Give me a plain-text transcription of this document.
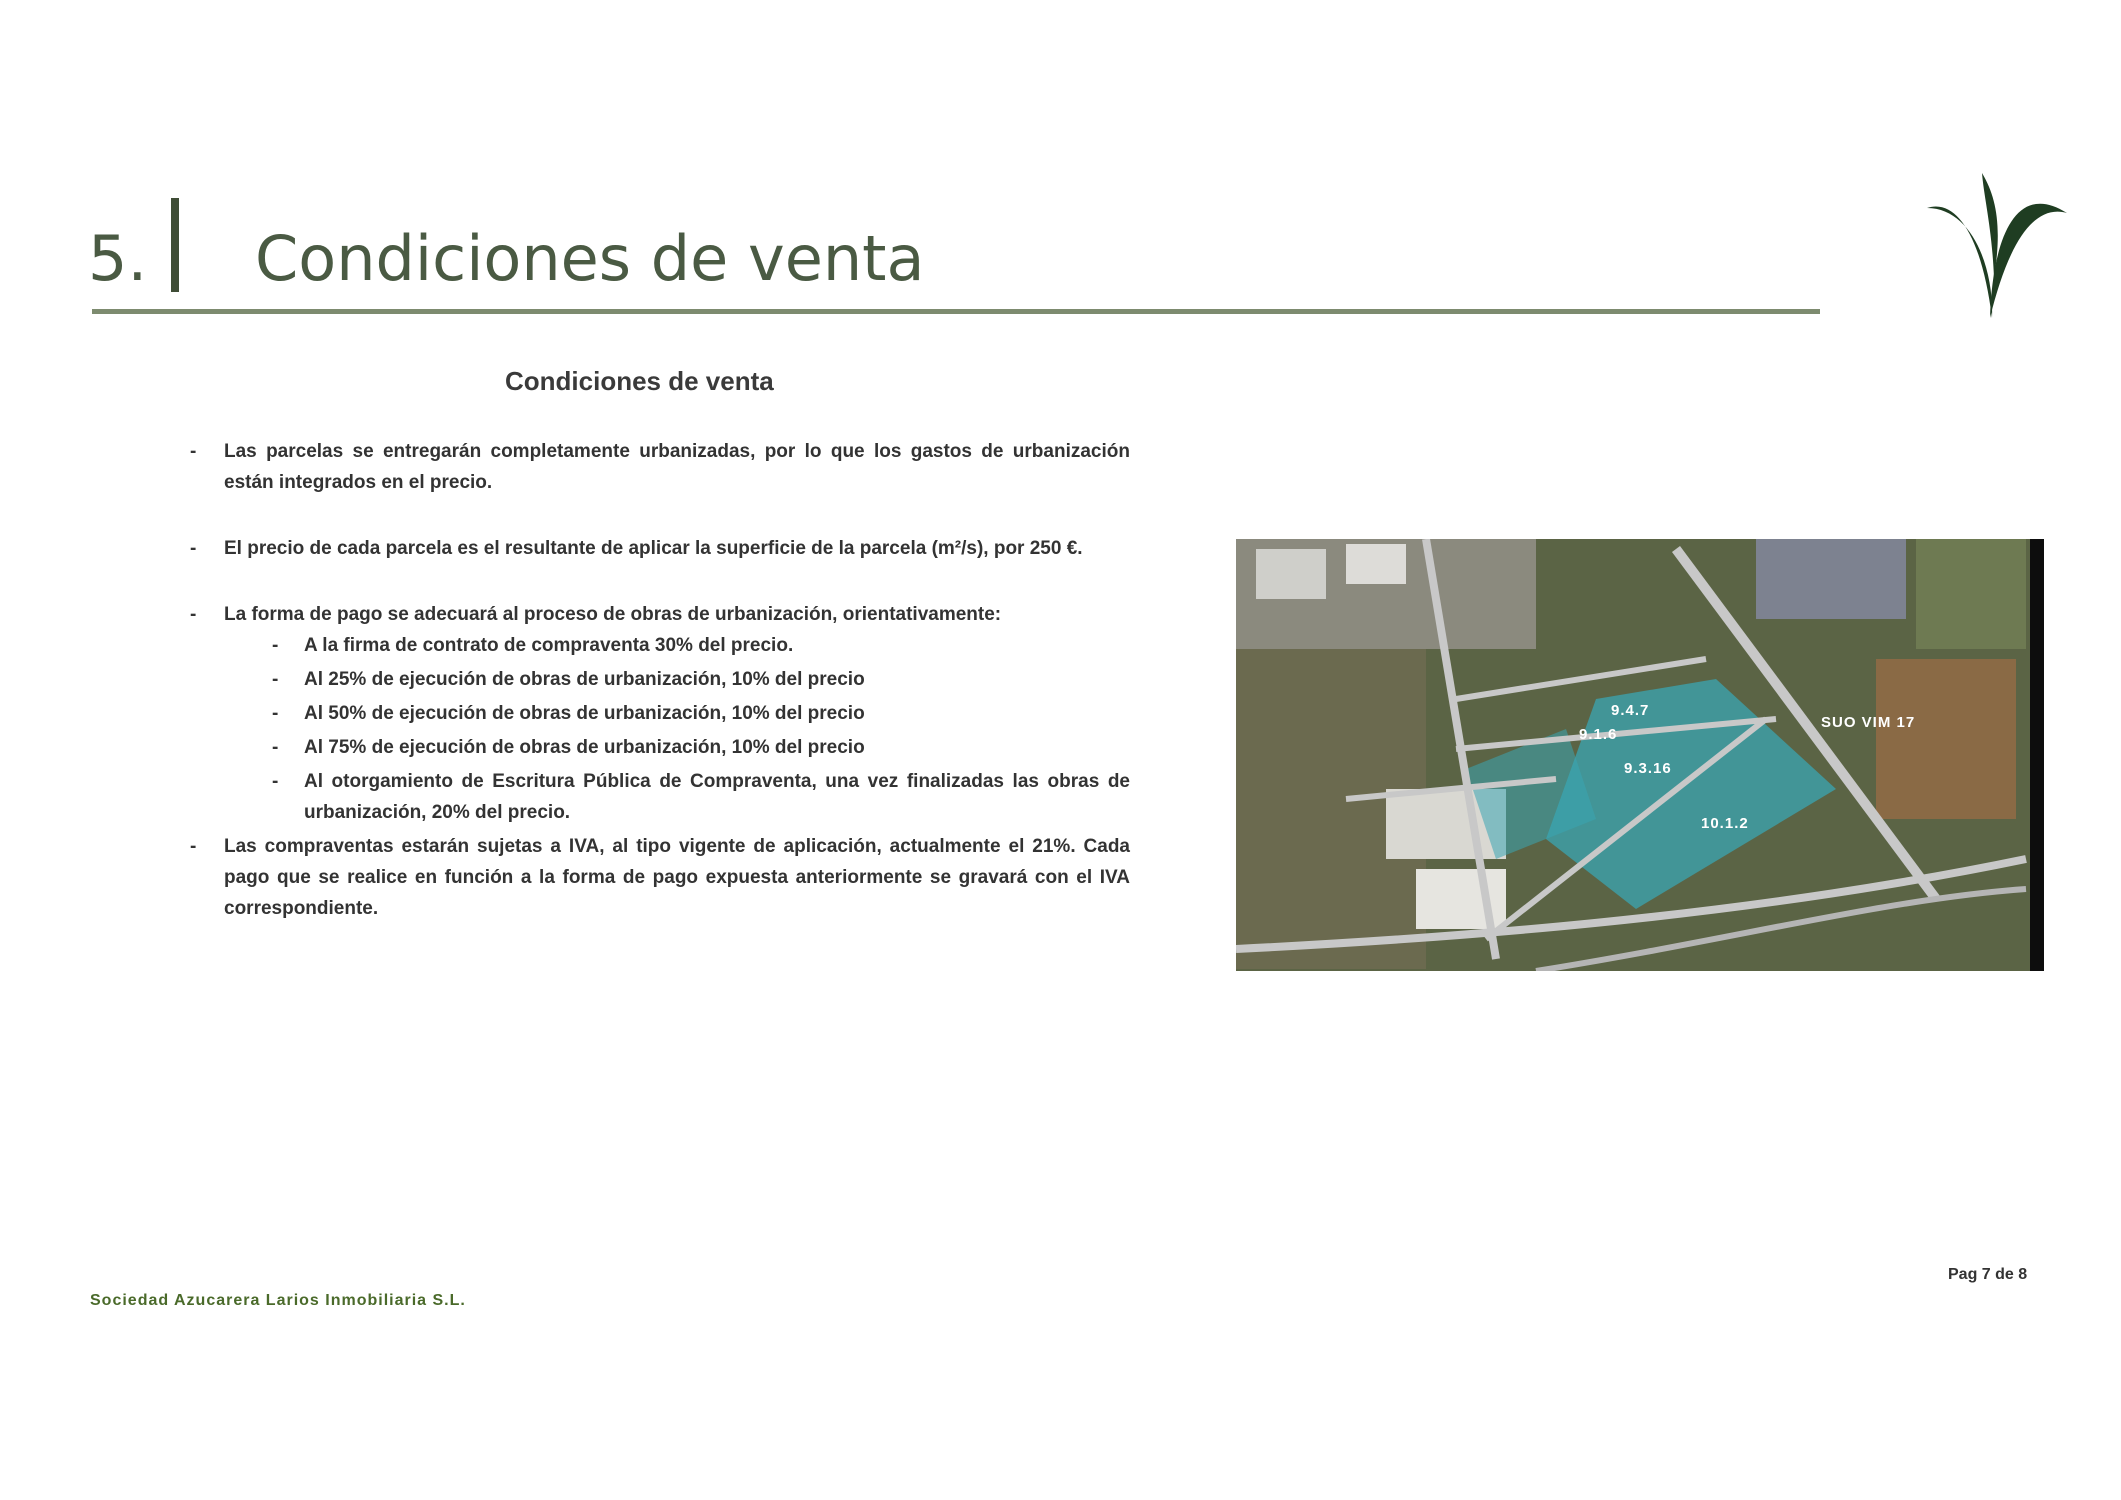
5. Condiciones de venta
Condiciones de venta
- Las parcelas se entregarán completamente urbanizadas, por lo que los gastos de urbanización están integrados en el precio.
- El precio de cada parcela es el resultante de aplicar la superficie de la parcela (m²/s), por 250 €.
- La forma de pago se adecuará al proceso de obras de urbanización, orientativamente:
- A la firma de contrato de compraventa 30% del precio.
- Al 25% de ejecución de obras de urbanización, 10% del precio
- Al 50% de ejecución de obras de urbanización, 10% del precio
- Al 75% de ejecución de obras de urbanización, 10% del precio
- Al otorgamiento de Escritura Pública de Compraventa, una vez finalizadas las obras de urbanización, 20% del precio.
- Las compraventas estarán sujetas a IVA, al tipo vigente de aplicación, actualmente el 21%. Cada pago que se realice en función a la forma de pago expuesta anteriormente se gravará con el IVA correspondiente.
9.4.7
9.1.6
9.3.16
10.1.2
SUO VIM 17
Sociedad Azucarera Larios Inmobiliaria S.L.
Pag 7 de 8
